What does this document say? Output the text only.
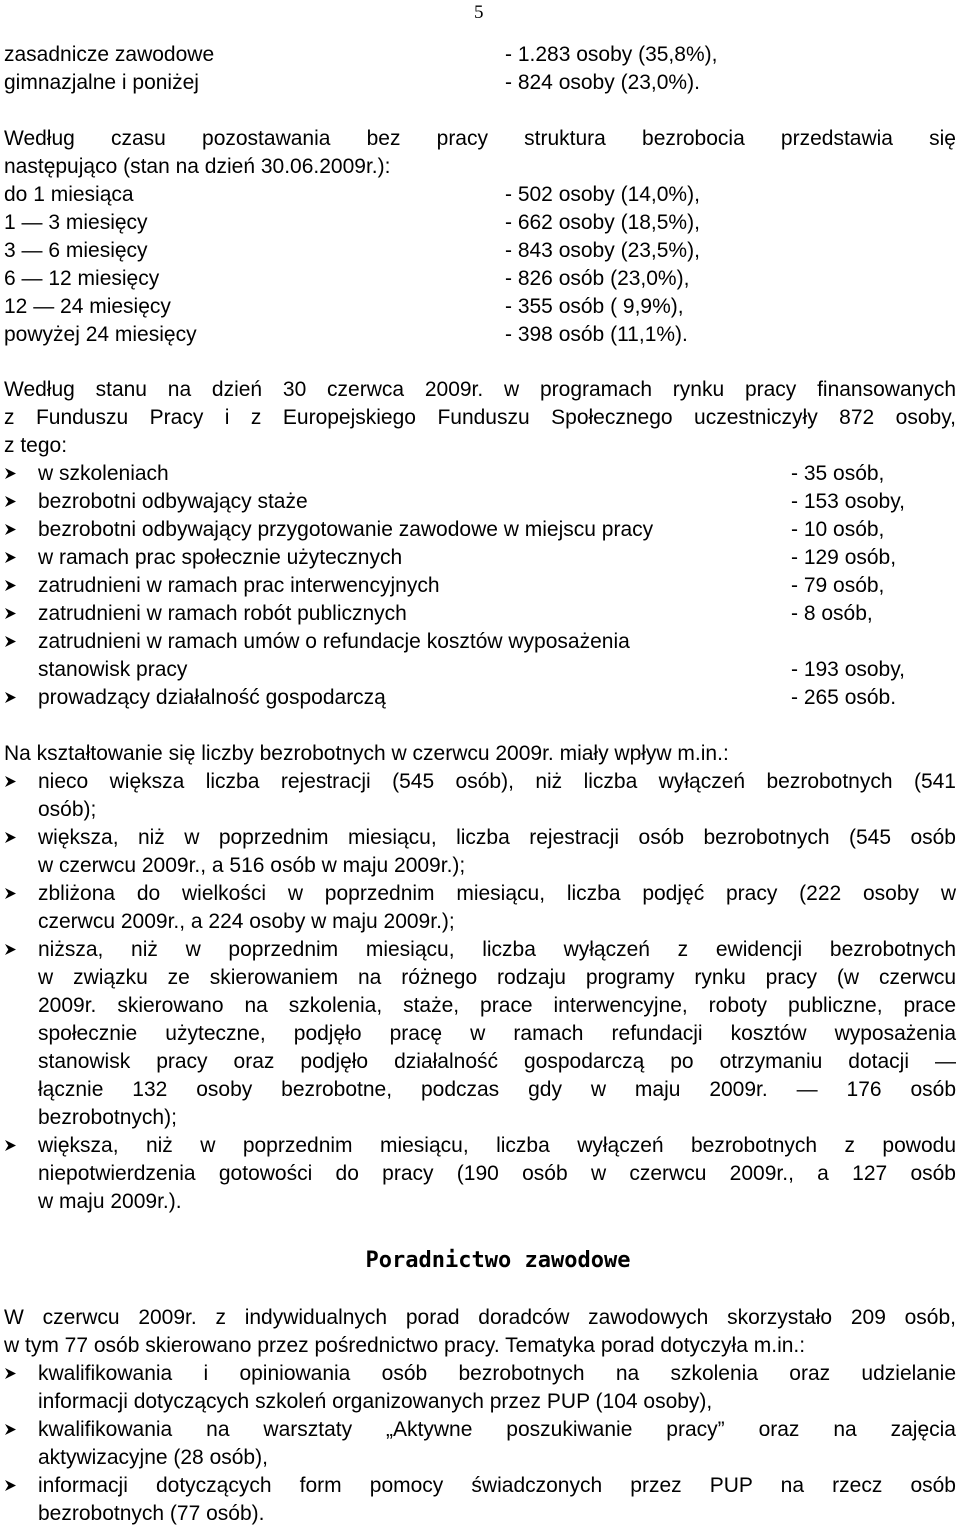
5
zasadnicze zawodowe	- 1.283 osoby (35,8%),
gimnazjalne i poniżej	- 824 osoby (23,0%).
Według czasu pozostawania bez pracy struktura bezrobocia przedstawia się
następująco (stan na dzień 30.06.2009r.):
do 1 miesiąca	- 502 osoby (14,0%),
1 — 3 miesięcy	- 662 osoby (18,5%),
3 — 6 miesięcy	- 843 osoby (23,5%),
6 — 12 miesięcy	- 826 osób (23,0%),
12 — 24 miesięcy	- 355 osób ( 9,9%),
powyżej 24 miesięcy	- 398 osób (11,1%).
Według stanu na dzień 30 czerwca 2009r. w programach rynku pracy finansowanych
z Funduszu Pracy i z Europejskiego Funduszu Społecznego uczestniczyły 872 osoby,
z tego:
w szkoleniach	- 35 osób,
bezrobotni odbywający staże	- 153 osoby,
bezrobotni odbywający przygotowanie zawodowe w miejscu pracy	- 10 osób,
w ramach prac społecznie użytecznych	- 129 osób,
zatrudnieni w ramach prac interwencyjnych	- 79 osób,
zatrudnieni w ramach robót publicznych	- 8 osób,
zatrudnieni w ramach umów o refundacje kosztów wyposażenia
stanowisk pracy	- 193 osoby,
prowadzący działalność gospodarczą	- 265 osób.
Na kształtowanie się liczby bezrobotnych w czerwcu 2009r. miały wpływ m.in.:
nieco większa liczba rejestracji (545 osób), niż liczba wyłączeń bezrobotnych (541
osób);
większa, niż w poprzednim miesiącu, liczba rejestracji osób bezrobotnych (545 osób
w czerwcu 2009r., a 516 osób w maju 2009r.);
zbliżona do wielkości w poprzednim miesiącu, liczba podjęć pracy (222 osoby w
czerwcu 2009r., a 224 osoby w maju 2009r.);
niższa, niż w poprzednim miesiącu, liczba wyłączeń z ewidencji bezrobotnych
w związku ze skierowaniem na różnego rodzaju programy rynku pracy (w czerwcu
2009r. skierowano na szkolenia, staże, prace interwencyjne, roboty publiczne, prace
społecznie użyteczne, podjęło pracę w ramach refundacji kosztów wyposażenia
stanowisk pracy oraz podjęło działalność gospodarczą po otrzymaniu dotacji —
łącznie 132 osoby bezrobotne, podczas gdy w maju 2009r. — 176 osób
bezrobotnych);
większa, niż w poprzednim miesiącu, liczba wyłączeń bezrobotnych z powodu
niepotwierdzenia gotowości do pracy (190 osób w czerwcu 2009r., a 127 osób
w maju 2009r.).
Poradnictwo zawodowe
W czerwcu 2009r. z indywidualnych porad doradców zawodowych skorzystało 209 osób,
w tym 77 osób skierowano przez pośrednictwo pracy. Tematyka porad dotyczyła m.in.:
kwalifikowania i opiniowania osób bezrobotnych na szkolenia oraz udzielanie
informacji dotyczących szkoleń organizowanych przez PUP (104 osoby),
kwalifikowania na warsztaty „Aktywne poszukiwanie pracy” oraz na zajęcia
aktywizacyjne (28 osób),
informacji dotyczących form pomocy świadczonych przez PUP na rzecz osób
bezrobotnych (77 osób).
